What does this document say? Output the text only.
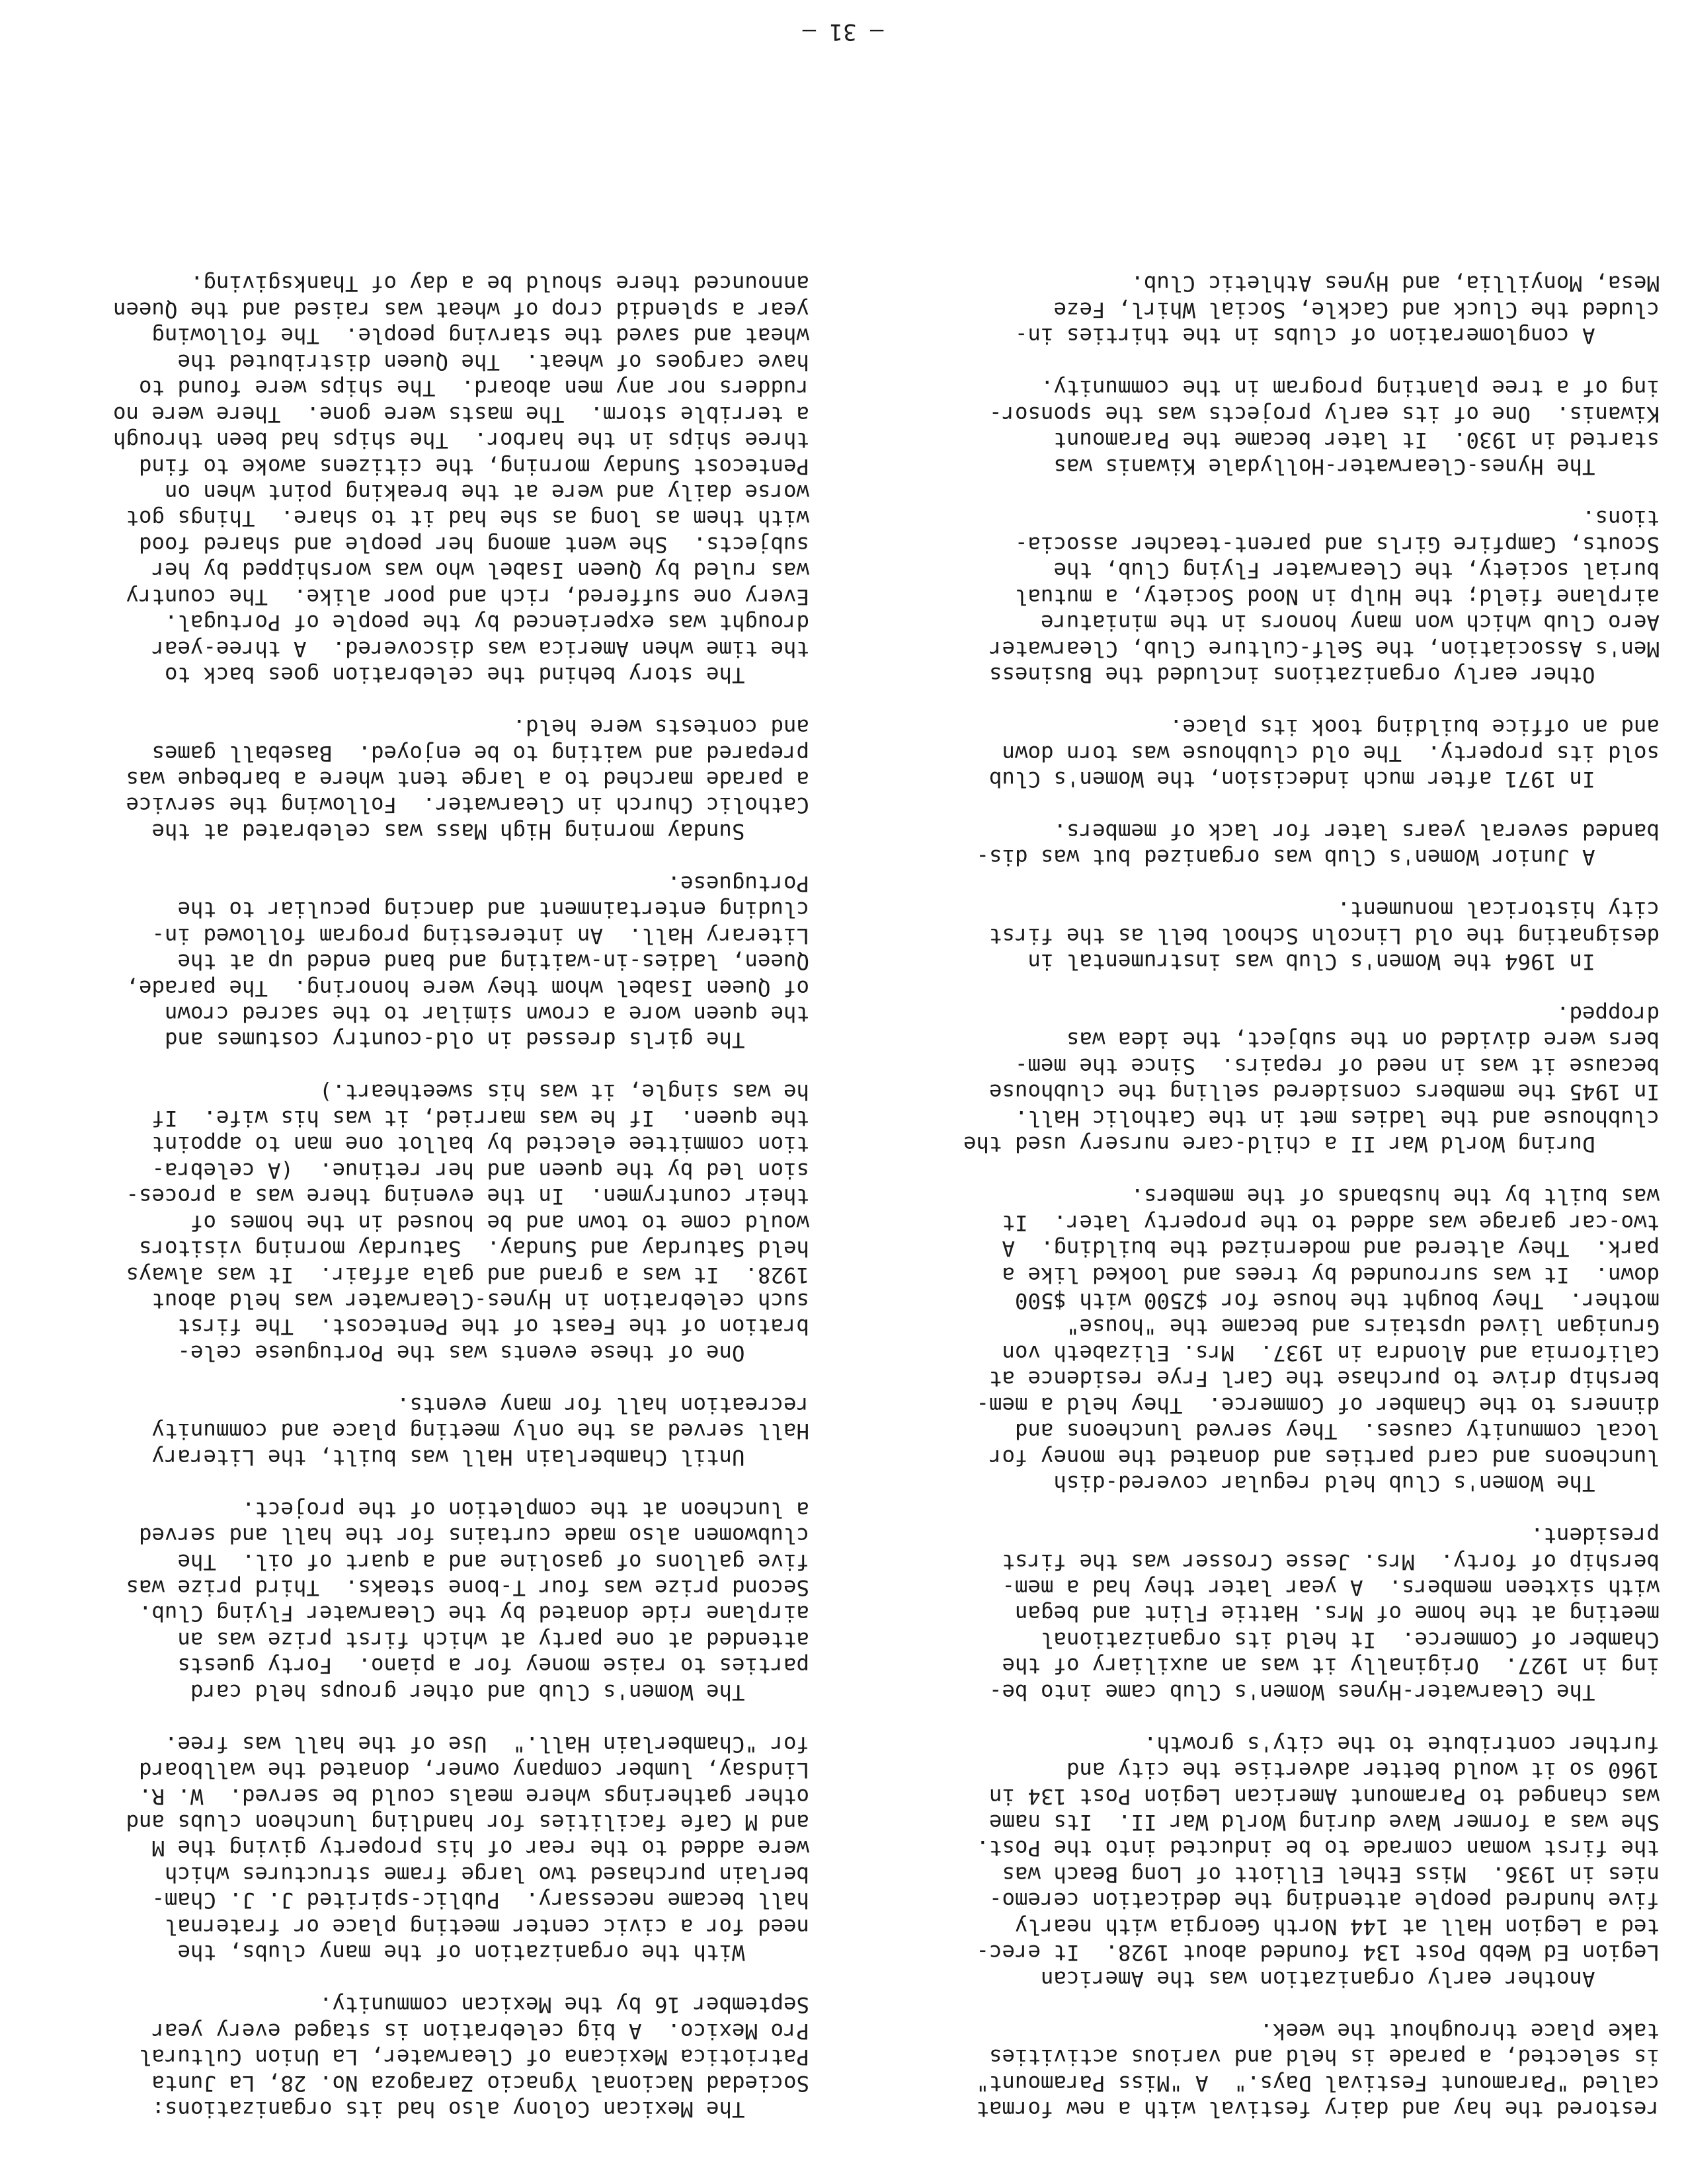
restored the hay and dairy festival with a new format
called "Paramount Festival Days."  A "Miss Paramount"
is selected, a parade is held and various activities
take place throughout the week.

Another early organization was the American
Legion Ed Webb Post 134 founded about 1928.  It erec-
ted a Legion Hall at 144 North Georgia with nearly
five hundred people attending the dedication ceremo-
nies in 1936.  Miss Ethel Elliott of Long Beach was
the first woman comrade to be inducted into the Post.
She was a former Wave during World War II.  Its name
was changed to Paramount American Legion Post 134 in
1960 so it would better advertise the city and
further contribute to the city's growth.

The Clearwater-Hynes Women's Club came into be-
ing in 1927.  Originally it was an auxiliary of the
Chamber of Commerce.  It held its organizational
meeting at the home of Mrs. Hattie Flint and began
with sixteen members.  A year later they had a mem-
bership of forty.  Mrs. Jesse Crosser was the first
president.

The Women's Club held regular covered-dish
luncheons and card parties and donated the money for
local community causes.  They served luncheons and
dinners to the Chamber of Commerce.  They held a mem-
bership drive to purchase the Carl Frye residence at
California and Alondra in 1937.  Mrs. Elizabeth von
Grunigan lived upstairs and became the "house"
mother.  They bought the house for $2500 with $500
down.  It was surrounded by trees and looked like a
park.  They altered and modernized the building.  A
two-car garage was added to the property later.  It
was built by the husbands of the members.

During World War II a child-care nursery used the
clubhouse and the ladies met in the Catholic Hall.
In 1945 the members considered selling the clubhouse
because it was in need of repairs.  Since the mem-
bers were divided on the subject, the idea was
dropped.

In 1964 the Women's Club was instrumental in
designating the old Lincoln School bell as the first
city historical monument.

A Junior Women's Club was organized but was dis-
banded several years later for lack of members.

In 1971 after much indecision, the Women's Club
sold its property.  The old clubhouse was torn down
and an office building took its place.

Other early organizations included the Business
Men's Association, the Self-Culture Club, Clearwater
Aero Club which won many honors in the miniature
airplane field; the Hulp in Nood Society, a mutual
burial society, the Clearwater Flying Club, the
Scouts, Campfire Girls and parent-teacher associa-
tions.

The Hynes-Clearwater-Hollydale Kiwanis was
started in 1930.  It later became the Paramount
Kiwanis.  One of its early projects was the sponsor-
ing of a tree planting program in the community.

A conglomeration of clubs in the thirties in-
cluded the Cluck and Cackle, Social Whirl, Feze
Mesa, Monyillia, and Hynes Athletic Club.

The Mexican Colony also had its organizations:
Sociedad Nacional Ygnacio Zaragoza No. 28, La Junta
Patriotica Mexicana of Clearwater, La Union Cultural
Pro Mexico.  A big celebration is staged every year
September 16 by the Mexican community.

With the organization of the many clubs, the
need for a civic center meeting place or fraternal
hall became necessary.  Public-spirited J. J. Cham-
berlain purchased two large frame structures which
were added to the rear of his property giving the M
and M Cafe facilities for handling luncheon clubs and
other gatherings where meals could be served.  W. R.
Lindsay, lumber company owner, donated the wallboard
for "Chamberlain Hall."  Use of the hall was free.

The Women's Club and other groups held card
parties to raise money for a piano.  Forty guests
attended at one party at which first prize was an
airplane ride donated by the Clearwater Flying Club.
Second prize was four T-bone steaks.  Third prize was
five gallons of gasoline and a quart of oil.  The
clubwomen also made curtains for the hall and served
a luncheon at the completion of the project.

Until Chamberlain Hall was built, the Literary
Hall served as the only meeting place and community
recreation hall for many events.

One of these events was the Portuguese cele-
bration of the Feast of the Pentecost.  The first
such celebration in Hynes-Clearwater was held about
1928.  It was a grand and gala affair.  It was always
held Saturday and Sunday.  Saturday morning visitors
would come to town and be housed in the homes of
their countrymen.  In the evening there was a proces-
sion led by the queen and her retinue.  (A celebra-
tion committee elected by ballot one man to appoint
the queen.  If he was married, it was his wife.  If
he was single, it was his sweetheart.)

The girls dressed in old-country costumes and
the queen wore a crown similar to the sacred crown
of Queen Isabel whom they were honoring.  The parade,
Queen, ladies-in-waiting and band ended up at the
Literary Hall.  An interesting program followed in-
cluding entertainment and dancing peculiar to the
Portuguese.

Sunday morning High Mass was celebrated at the
Catholic Church in Clearwater.  Following the service
a parade marched to a large tent where a barbeque was
prepared and waiting to be enjoyed.  Baseball games
and contests were held.

The story behind the celebration goes back to
the time when America was discovered.  A three-year
drought was experienced by the people of Portugal.
Every one suffered, rich and poor alike.  The country
was ruled by Queen Isabel who was worshipped by her
subjects.  She went among her people and shared food
with them as long as she had it to share.  Things got
worse daily and were at the breaking point when on
Pentecost Sunday morning, the citizens awoke to find
three ships in the harbor.  The ships had been through
a terrible storm.  The masts were gone.  There were no
rudders nor any men aboard.  The ships were found to
have cargoes of wheat.  The Queen distributed the
wheat and saved the starving people.  The following
year a splendid crop of wheat was raised and the Queen
announced there should be a day of Thanksgiving.

— 31 —
